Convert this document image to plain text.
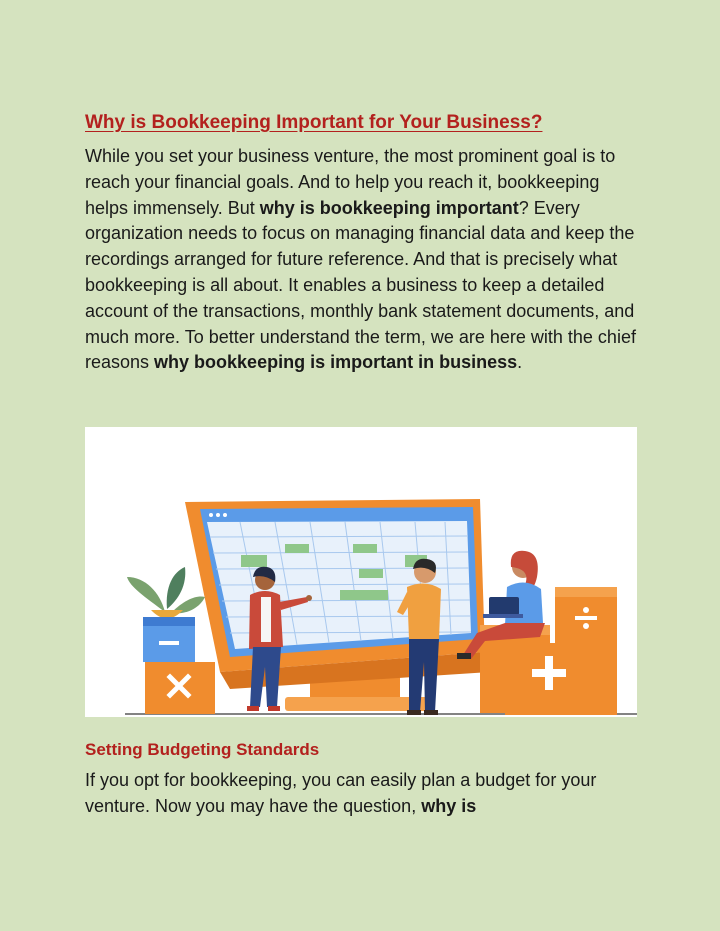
Why is Bookkeeping Important for Your Business?

While you set your business venture, the most prominent goal is to reach your financial goals. And to help you reach it, bookkeeping helps immensely. But why is bookkeeping important? Every organization needs to focus on managing financial data and keep the recordings arranged for future reference. And that is precisely what bookkeeping is all about. It enables a business to keep a detailed account of the transactions, monthly bank statement documents, and much more. To better understand the term, we are here with the chief reasons why bookkeeping is important in business.

Setting Budgeting Standards

If you opt for bookkeeping, you can easily plan a budget for your venture. Now you may have the question, why is
